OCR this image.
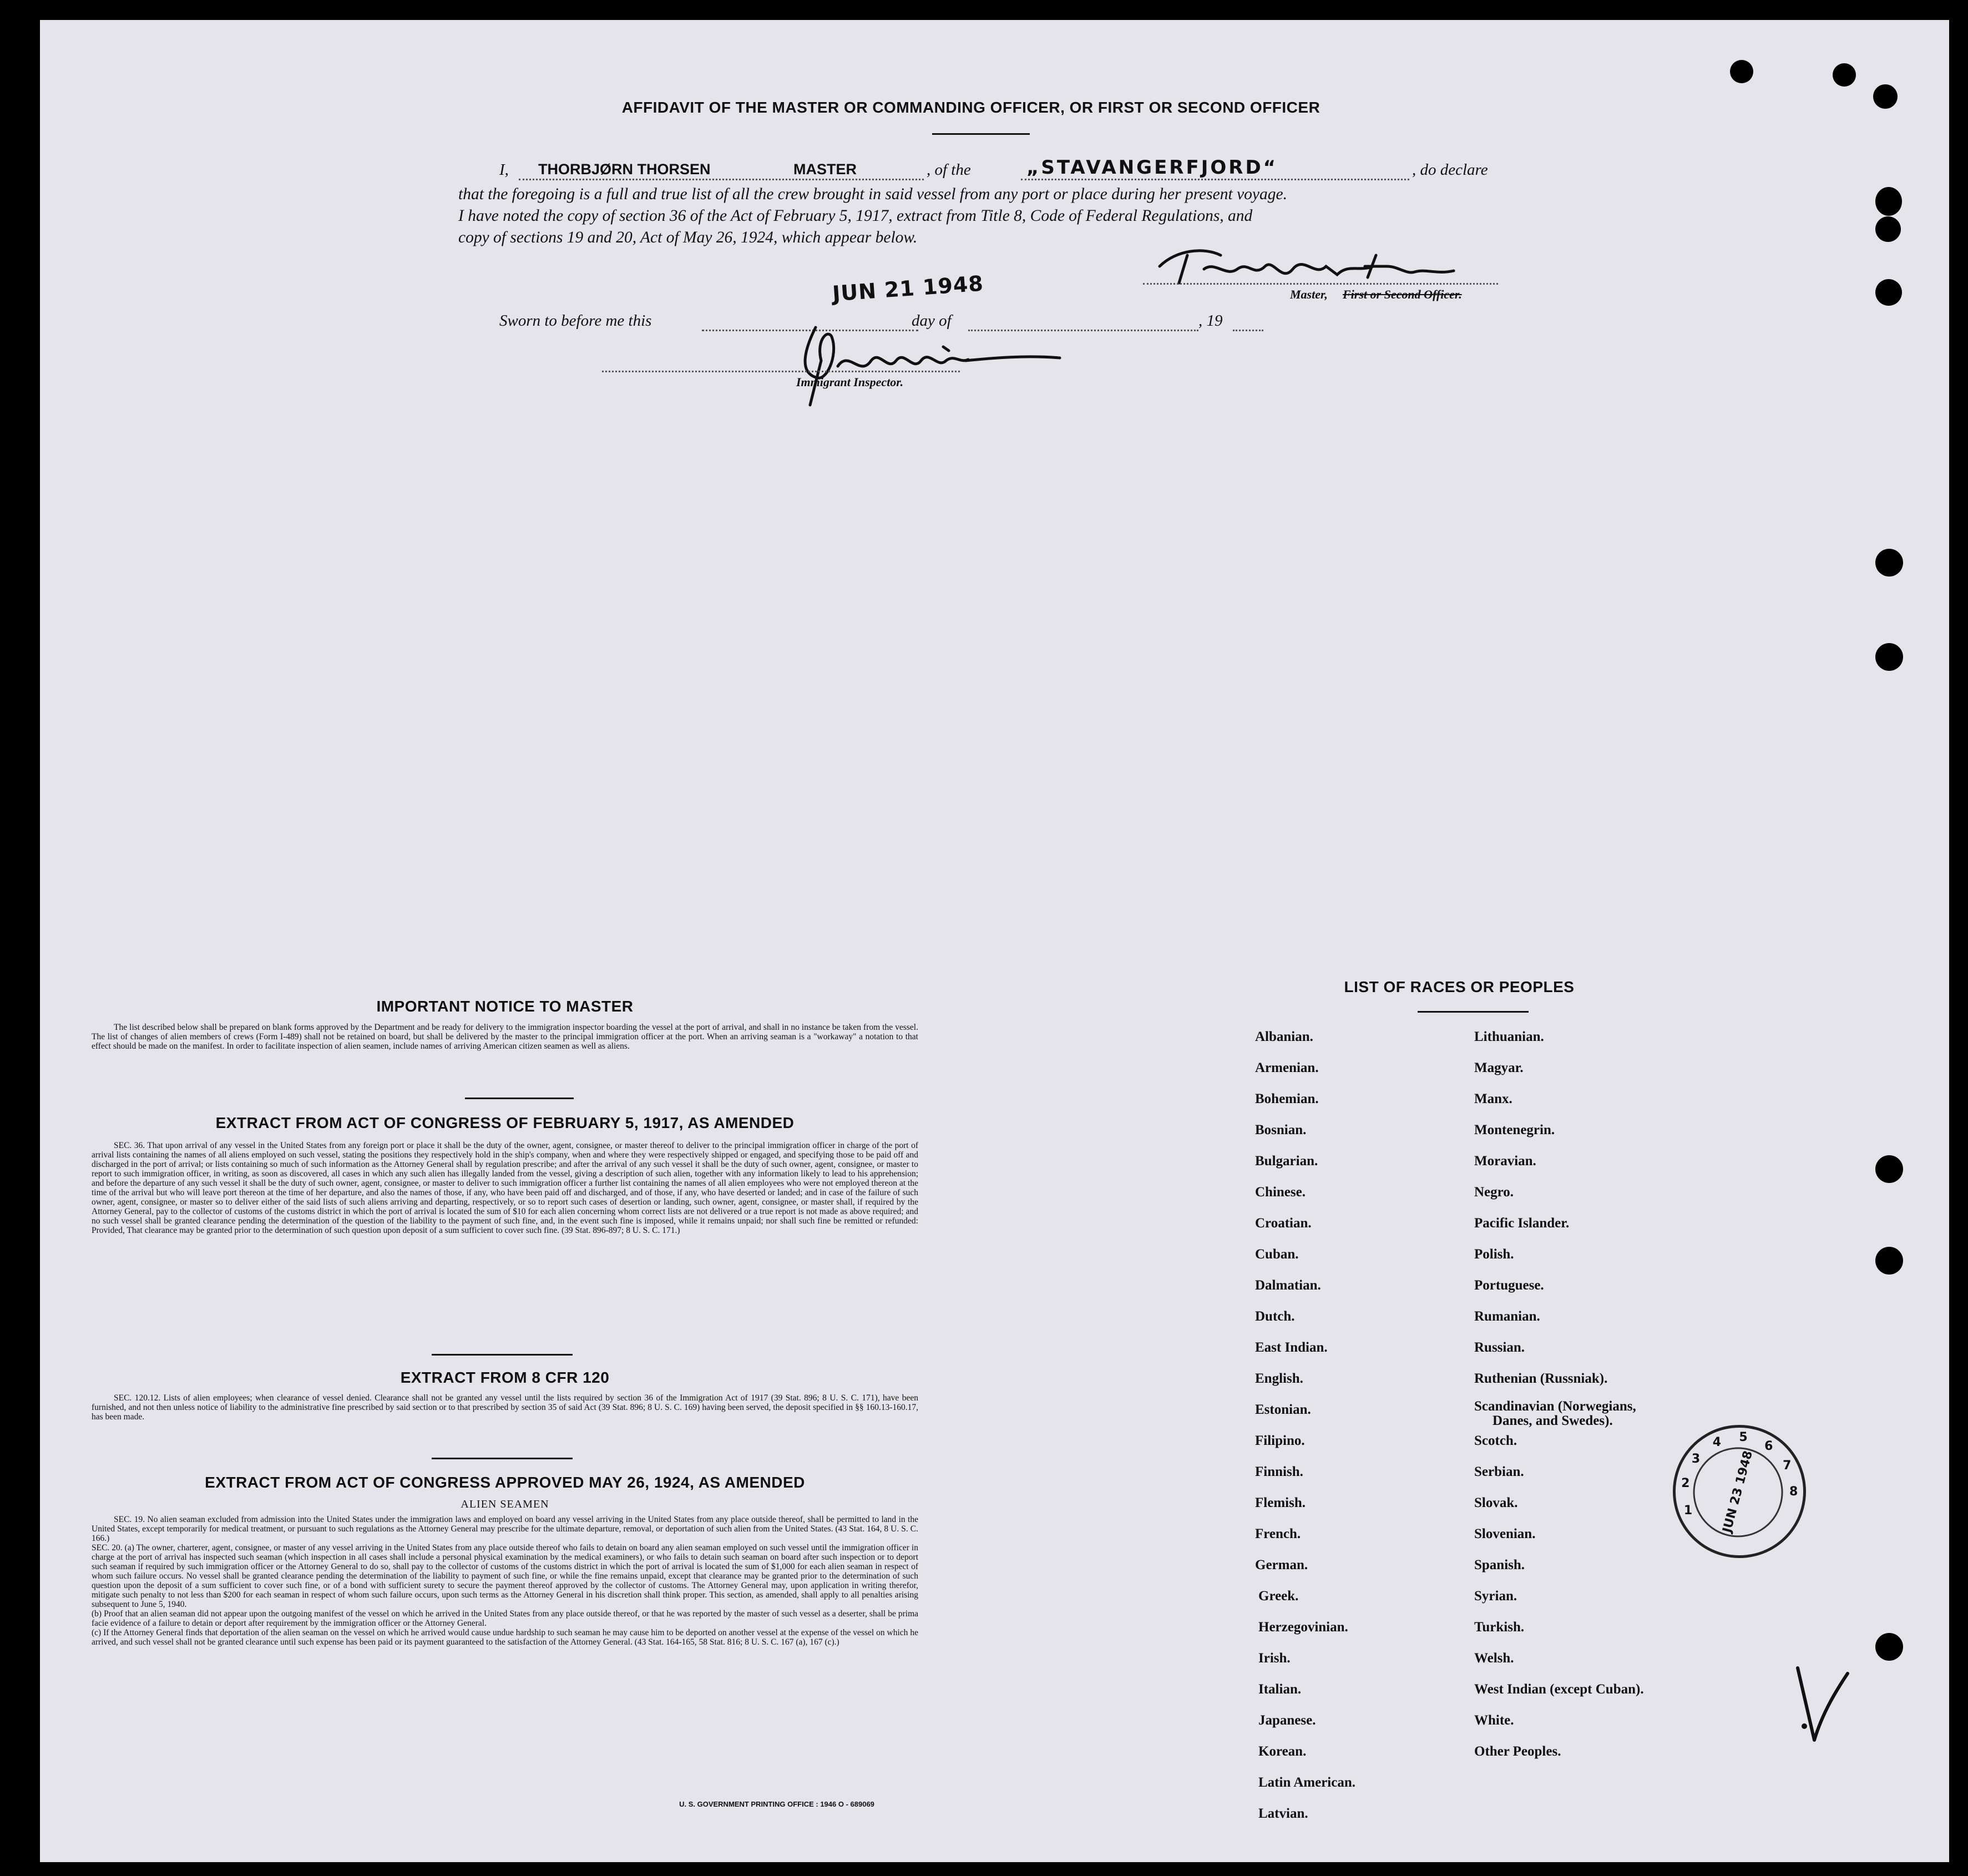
AFFIDAVIT OF THE MASTER OR COMMANDING OFFICER, OR FIRST OR SECOND OFFICER
I, THORBJØRN THORSEN	MASTER	, of the	„STAVANGERFJORD“	, do declare
that the foregoing is a full and true list of all the crew brought in said vessel from any port or place during her present voyage.
I have noted the copy of section 36 of the Act of February 5, 1917, extract from Title 8, Code of Federal Regulations, and
copy of sections 19 and 20, Act of May 26, 1924, which appear below.
Master, First or Second Officer.
Sworn to before me this
JUN 21 1948
day of	, 19
Immigrant Inspector.
IMPORTANT NOTICE TO MASTER
The list described below shall be prepared on blank forms approved by the Department and be ready for delivery to the immigration inspector boarding the vessel at the port of arrival, and shall in no instance be taken from the vessel. The list of changes of alien members of crews (Form I-489) shall not be retained on board, but shall be delivered by the master to the principal immigration officer at the port. When an arriving seaman is a "workaway" a notation to that effect should be made on the manifest. In order to facilitate inspection of alien seamen, include names of arriving American citizen seamen as well as aliens.
EXTRACT FROM ACT OF CONGRESS OF FEBRUARY 5, 1917, AS AMENDED
SEC. 36. That upon arrival of any vessel in the United States from any foreign port or place it shall be the duty of the owner, agent, consignee, or master thereof to deliver to the principal immigration officer in charge of the port of arrival lists containing the names of all aliens employed on such vessel, stating the positions they respectively hold in the ship's company, when and where they were respectively shipped or engaged, and specifying those to be paid off and discharged in the port of arrival; or lists containing so much of such information as the Attorney General shall by regulation prescribe; and after the arrival of any such vessel it shall be the duty of such owner, agent, consignee, or master to report to such immigration officer, in writing, as soon as discovered, all cases in which any such alien has illegally landed from the vessel, giving a description of such alien, together with any information likely to lead to his apprehension; and before the departure of any such vessel it shall be the duty of such owner, agent, consignee, or master to deliver to such immigration officer a further list containing the names of all alien employees who were not employed thereon at the time of the arrival but who will leave port thereon at the time of her departure, and also the names of those, if any, who have been paid off and discharged, and of those, if any, who have deserted or landed; and in case of the failure of such owner, agent, consignee, or master so to deliver either of the said lists of such aliens arriving and departing, respectively, or so to report such cases of desertion or landing, such owner, agent, consignee, or master shall, if required by the Attorney General, pay to the collector of customs of the customs district in which the port of arrival is located the sum of $10 for each alien concerning whom correct lists are not delivered or a true report is not made as above required; and no such vessel shall be granted clearance pending the determination of the question of the liability to the payment of such fine, and, in the event such fine is imposed, while it remains unpaid; nor shall such fine be remitted or refunded: Provided, That clearance may be granted prior to the determination of such question upon deposit of a sum sufficient to cover such fine. (39 Stat. 896-897; 8 U. S. C. 171.)
EXTRACT FROM 8 CFR 120
SEC. 120.12. Lists of alien employees; when clearance of vessel denied. Clearance shall not be granted any vessel until the lists required by section 36 of the Immigration Act of 1917 (39 Stat. 896; 8 U. S. C. 171), have been furnished, and not then unless notice of liability to the administrative fine prescribed by said section or to that prescribed by section 35 of said Act (39 Stat. 896; 8 U. S. C. 169) having been served, the deposit specified in §§ 160.13-160.17, has been made.
EXTRACT FROM ACT OF CONGRESS APPROVED MAY 26, 1924, AS AMENDED
ALIEN SEAMEN
SEC. 19. No alien seaman excluded from admission into the United States under the immigration laws and employed on board any vessel arriving in the United States from any place outside thereof, shall be permitted to land in the United States, except temporarily for medical treatment, or pursuant to such regulations as the Attorney General may prescribe for the ultimate departure, removal, or deportation of such alien from the United States. (43 Stat. 164, 8 U. S. C. 166.)
SEC. 20. (a) The owner, charterer, agent, consignee, or master of any vessel arriving in the United States from any place outside thereof who fails to detain on board any alien seaman employed on such vessel until the immigration officer in charge at the port of arrival has inspected such seaman (which inspection in all cases shall include a personal physical examination by the medical examiners), or who fails to detain such seaman on board after such inspection or to deport such seaman if required by such immigration officer or the Attorney General to do so, shall pay to the collector of customs of the customs district in which the port of arrival is located the sum of $1,000 for each alien seaman in respect of whom such failure occurs. No vessel shall be granted clearance pending the determination of the liability to payment of such fine, or while the fine remains unpaid, except that clearance may be granted prior to the determination of such question upon the deposit of a sum sufficient to cover such fine, or of a bond with sufficient surety to secure the payment thereof approved by the collector of customs. The Attorney General may, upon application in writing therefor, mitigate such penalty to not less than $200 for each seaman in respect of whom such failure occurs, upon such terms as the Attorney General in his discretion shall think proper. This section, as amended, shall apply to all penalties arising subsequent to June 5, 1940.
(b) Proof that an alien seaman did not appear upon the outgoing manifest of the vessel on which he arrived in the United States from any place outside thereof, or that he was reported by the master of such vessel as a deserter, shall be prima facie evidence of a failure to detain or deport after requirement by the immigration officer or the Attorney General.
(c) If the Attorney General finds that deportation of the alien seaman on the vessel on which he arrived would cause undue hardship to such seaman he may cause him to be deported on another vessel at the expense of the vessel on which he arrived, and such vessel shall not be granted clearance until such expense has been paid or its payment guaranteed to the satisfaction of the Attorney General. (43 Stat. 164-165, 58 Stat. 816; 8 U. S. C. 167 (a), 167 (c).)
U. S. GOVERNMENT PRINTING OFFICE : 1946 O - 689069
LIST OF RACES OR PEOPLES
Albanian.
Armenian.
Bohemian.
Bosnian.
Bulgarian.
Chinese.
Croatian.
Cuban.
Dalmatian.
Dutch.
East Indian.
English.
Estonian.
Filipino.
Finnish.
Flemish.
French.
German.
Greek.
Herzegovinian.
Irish.
Italian.
Japanese.
Korean.
Latin American.
Latvian.
Lithuanian.
Magyar.
Manx.
Montenegrin.
Moravian.
Negro.
Pacific Islander.
Polish.
Portuguese.
Rumanian.
Russian.
Ruthenian (Russniak).
Scandinavian (Norwegians,
Danes, and Swedes).
Scotch.
Serbian.
Slovak.
Slovenian.
Spanish.
Syrian.
Turkish.
Welsh.
West Indian (except Cuban).
White.
Other Peoples.
JUN 23 1948
1
2
3
4 5
6
7
8
